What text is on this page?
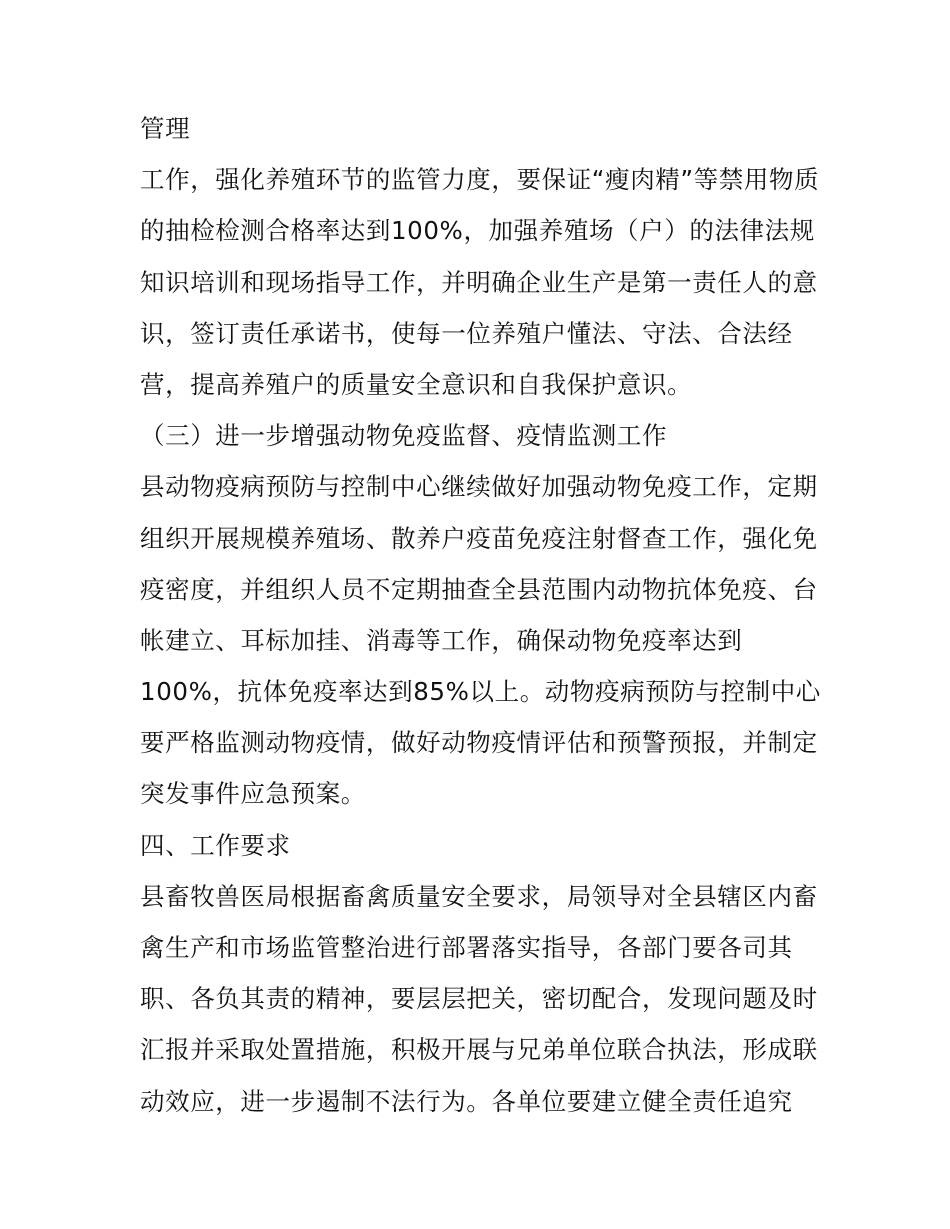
管理
工作，强化养殖环节的监管力度，要保证“瘦肉精”等禁用物质
的抽检检测合格率达到100%，加强养殖场（户）的法律法规
知识培训和现场指导工作，并明确企业生产是第一责任人的意
识，签订责任承诺书，使每一位养殖户懂法、守法、合法经
营，提高养殖户的质量安全意识和自我保护意识。
（三）进一步增强动物免疫监督、疫情监测工作
县动物疫病预防与控制中心继续做好加强动物免疫工作，定期
组织开展规模养殖场、散养户疫苗免疫注射督查工作，强化免
疫密度，并组织人员不定期抽查全县范围内动物抗体免疫、台
帐建立、耳标加挂、消毒等工作，确保动物免疫率达到
100%，抗体免疫率达到85%以上。动物疫病预防与控制中心
要严格监测动物疫情，做好动物疫情评估和预警预报，并制定
突发事件应急预案。
四、工作要求
县畜牧兽医局根据畜禽质量安全要求，局领导对全县辖区内畜
禽生产和市场监管整治进行部署落实指导，各部门要各司其
职、各负其责的精神，要层层把关，密切配合，发现问题及时
汇报并采取处置措施，积极开展与兄弟单位联合执法，形成联
动效应，进一步遏制不法行为。各单位要建立健全责任追究
